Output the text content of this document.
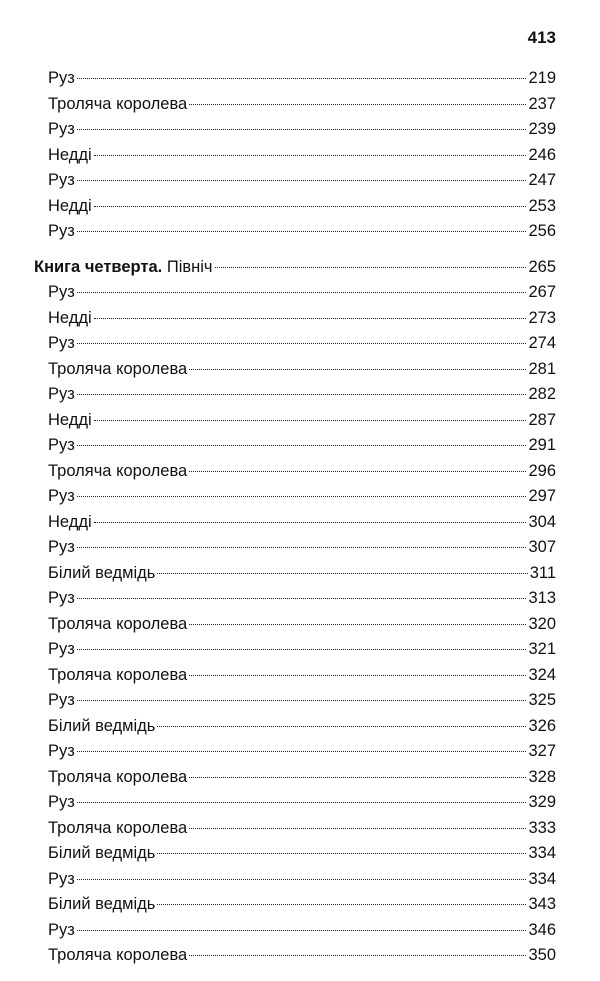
413
Руз	219
Троляча королева	237
Руз	239
Недді	246
Руз	247
Недді	253
Руз	256
Книга четверта. Північ	265
Руз	267
Недді	273
Руз	274
Троляча королева	281
Руз	282
Недді	287
Руз	291
Троляча королева	296
Руз	297
Недді	304
Руз	307
Білий ведмідь	311
Руз	313
Троляча королева	320
Руз	321
Троляча королева	324
Руз	325
Білий ведмідь	326
Руз	327
Троляча королева	328
Руз	329
Троляча королева	333
Білий ведмідь	334
Руз	334
Білий ведмідь	343
Руз	346
Троляча королева	350
